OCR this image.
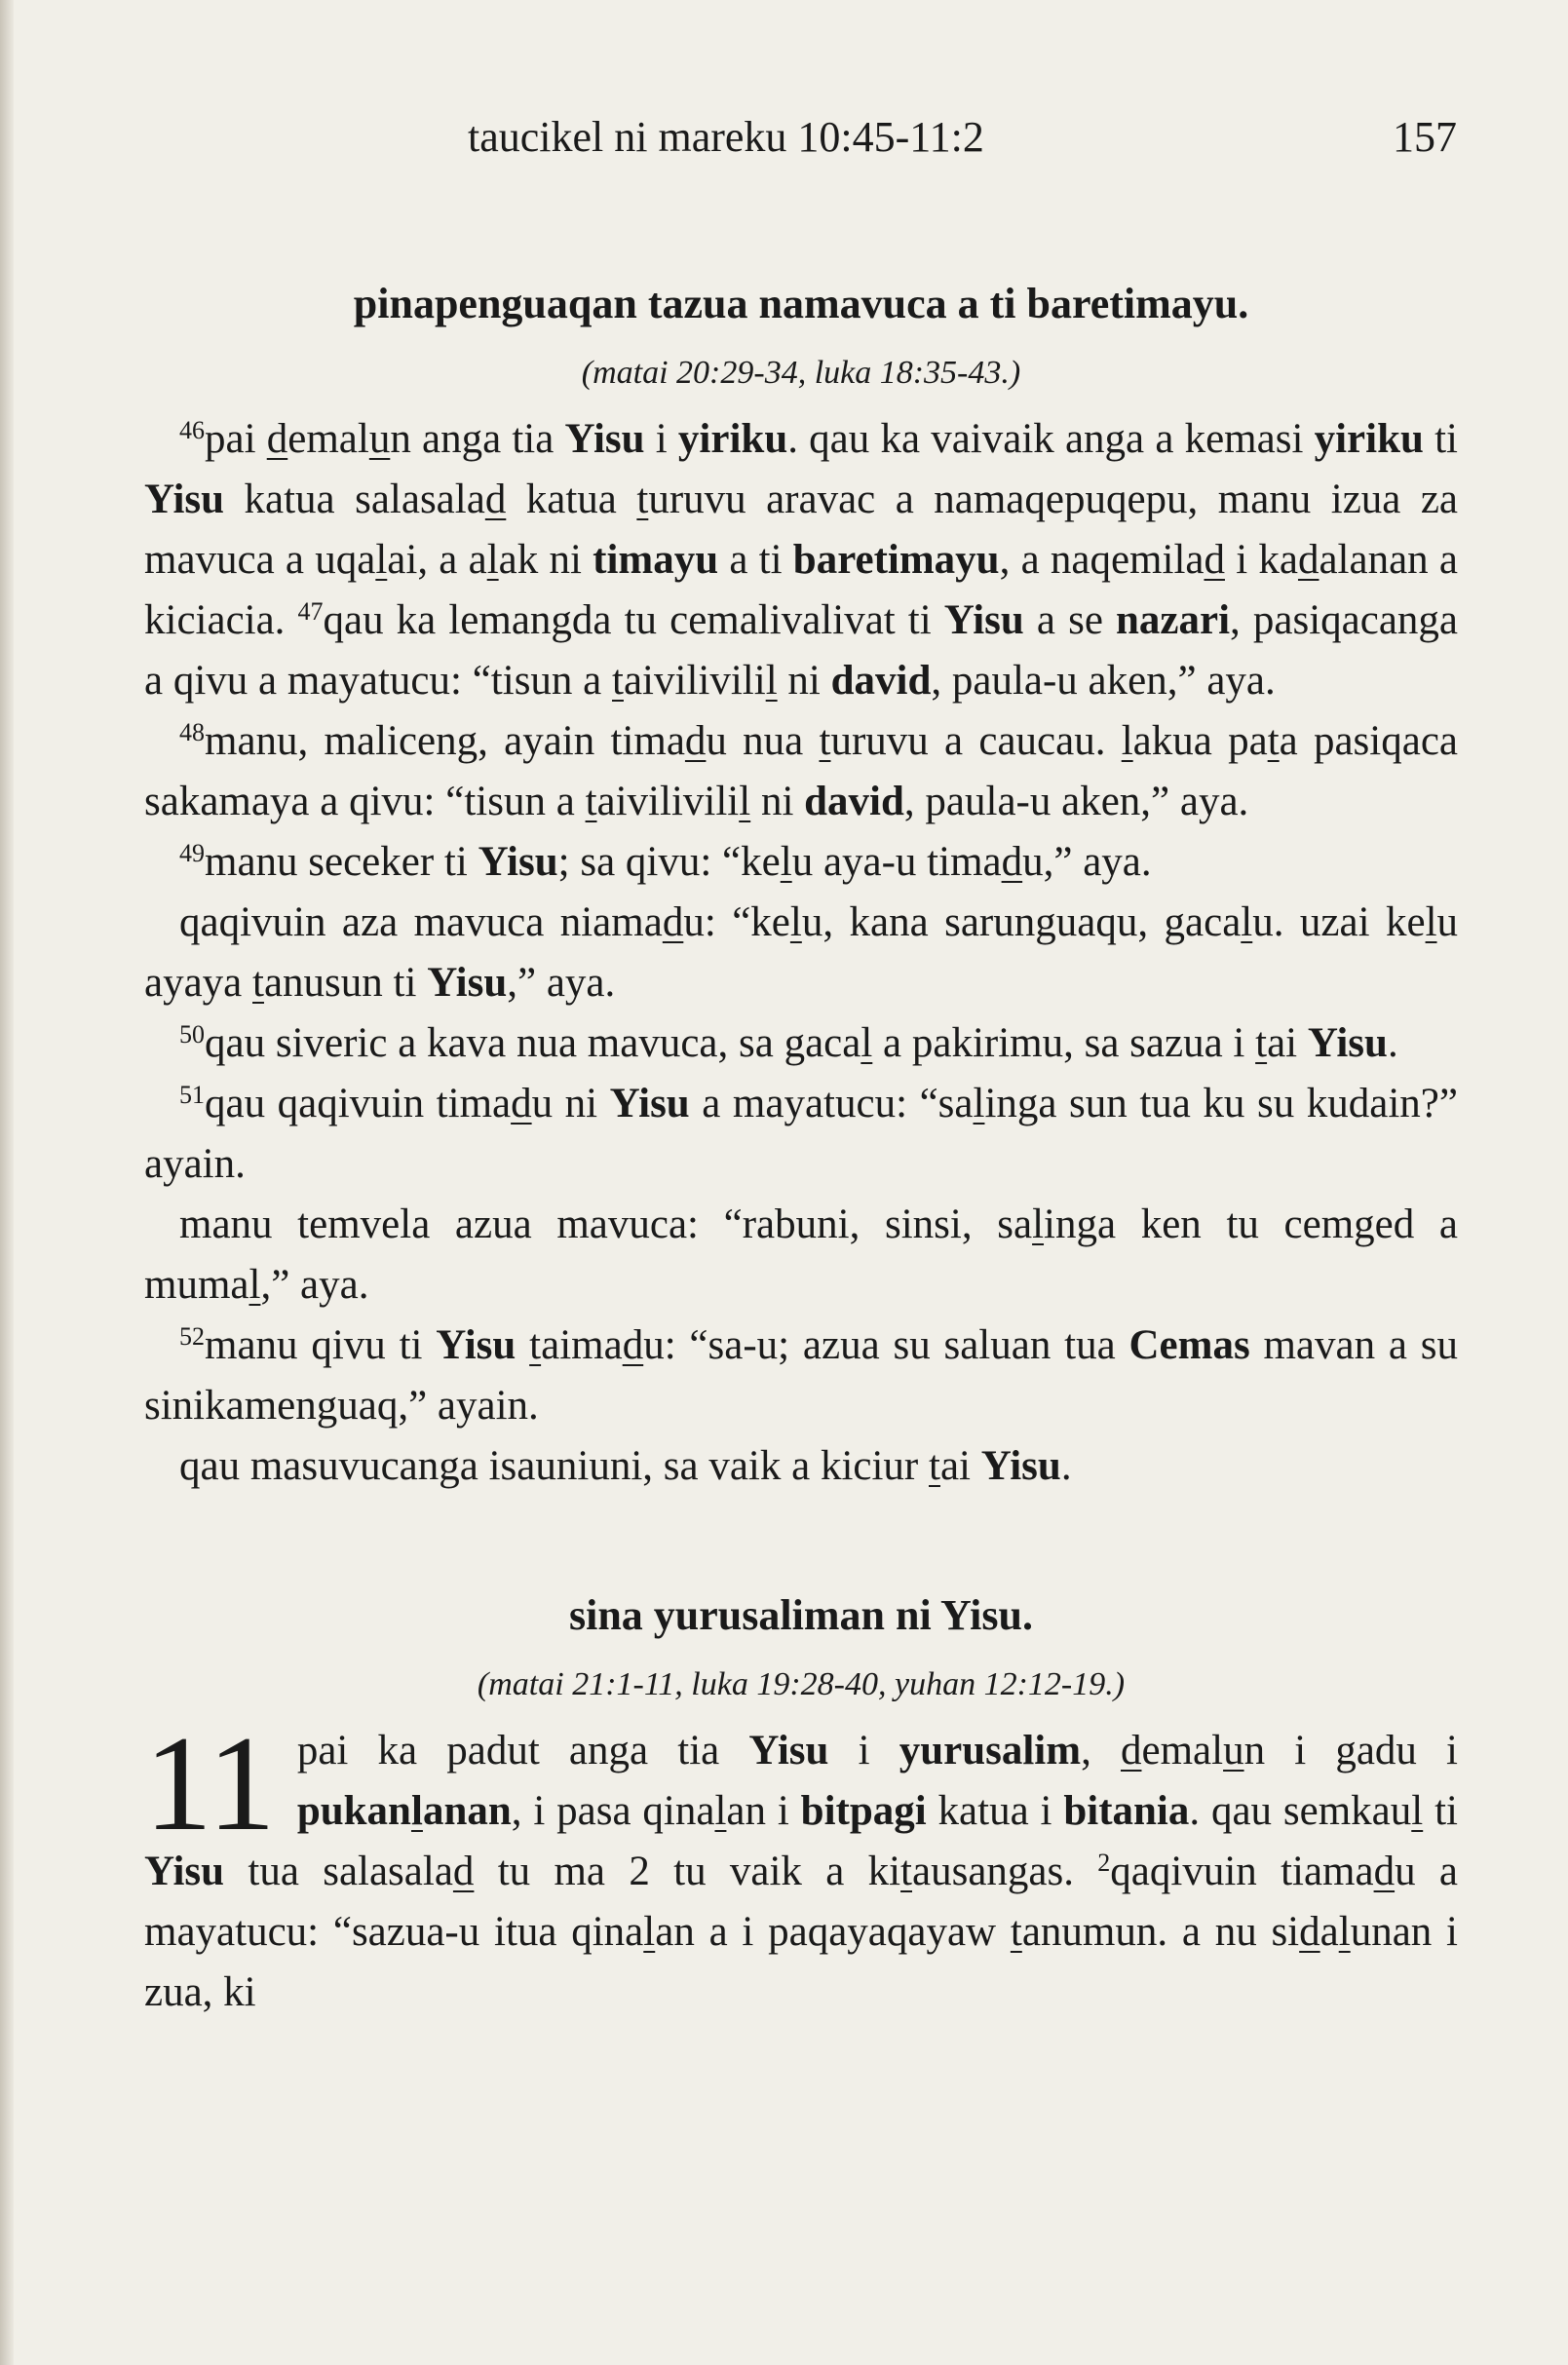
taucikel ni mareku 10:45-11:2	157
pinapenguaqan tazua namavuca a ti baretimayu.
(matai 20:29-34, luka 18:35-43.)

$^{46}$pai demalun anga tia Yisu i yiriku. qau ka vaivaik anga a kemasi yiriku ti Yisu katua salasalad katua turuvu aravac a namaqepuqepu, manu izua za mavuca a uqalai, a alak ni timayu a ti baretimayu, a naqemilad i kadalanan a kiciacia. $^{47}$qau ka lemangda tu cemalivalivat ti Yisu a se nazari, pasiqacanga a qivu a mayatucu: “tisun a taivilivilil ni david, paula-u aken,” aya.

$^{48}$manu, maliceng, ayain timadu nua turuvu a caucau. lakua pata pasiqaca sakamaya a qivu: “tisun a taivilivilil ni david, paula-u aken,” aya.

$^{49}$manu seceker ti Yisu; sa qivu: “kelu aya-u timadu,” aya.

qaqivuin aza mavuca niamadu: “kelu, kana sarunguaqu, gacalu. uzai kelu ayaya tanusun ti Yisu,” aya.

$^{50}$qau siveric a kava nua mavuca, sa gacal a pakirimu, sa sazua i tai Yisu.

$^{51}$qau qaqivuin timadu ni Yisu a mayatucu: “salinga sun tua ku su kudain?” ayain.

manu temvela azua mavuca: “rabuni, sinsi, salinga ken tu cemged a mumal,” aya.

$^{52}$manu qivu ti Yisu taimadu: “sa-u; azua su saluan tua Cemas mavan a su sinikamenguaq,” ayain.

qau masuvucanga isauniuni, sa vaik a kiciur tai Yisu.

sina yurusaliman ni Yisu.
(matai 21:1-11, luka 19:28-40, yuhan 12:12-19.)

11 pai ka padut anga tia Yisu i yurusalim, demalun i gadu i pukanlanan, i pasa qinalan i bitpagi katua i bitania. qau semkaul ti Yisu tua salasalad tu ma 2 tu vaik a kitausangas. $^2$qaqivuin tiamadu a mayatucu: “sazua-u itua qinalan a i paqayaqayaw tanumun. a nu sidalunan i zua, ki
